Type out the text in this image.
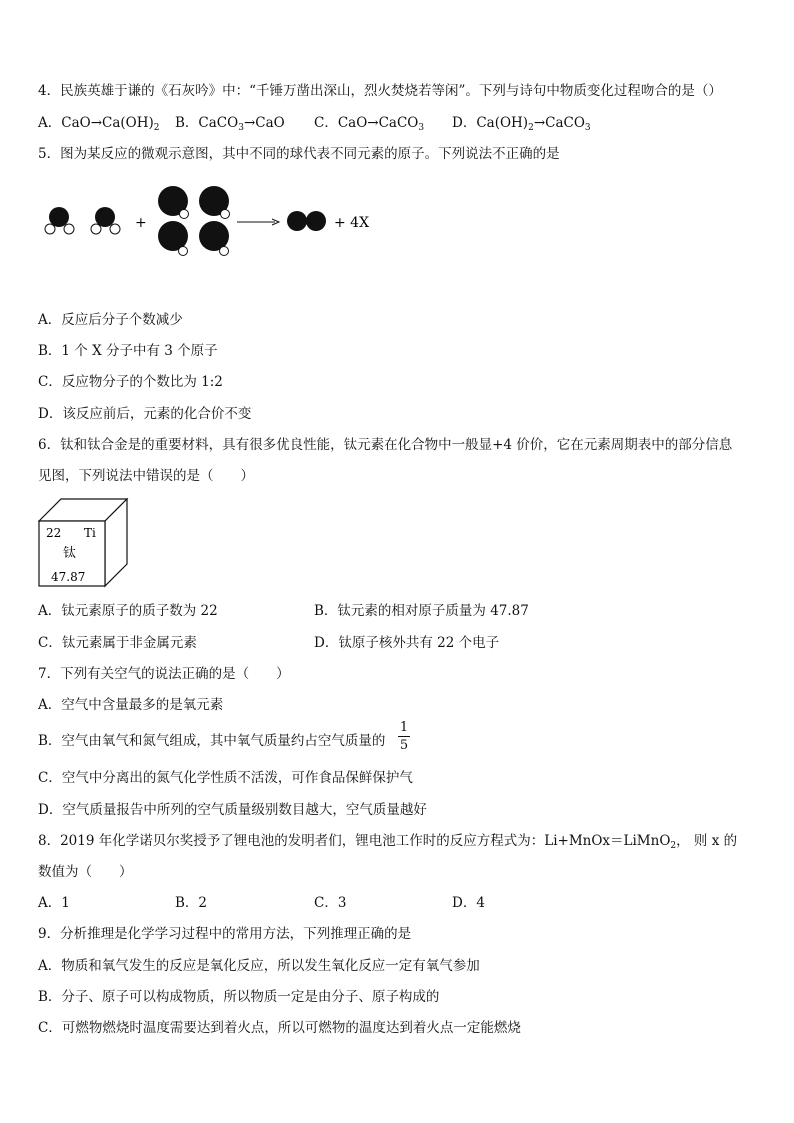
4．民族英雄于谦的《石灰吟》中：“千锤万凿出深山，烈火焚烧若等闲”。下列与诗句中物质变化过程吻合的是（）
A．$CaO\to Ca(OH)_2$ B．CaCO$_3$→CaO C．CaO→CaCO$_3$ D．$Ca(OH)_2\to CaCO_3$
5．图为某反应的微观示意图，其中不同的球代表不同元素的原子。下列说法不正确的是
+	+ 4X
A．反应后分子个数减少
B．1 个 X 分子中有 3 个原子
C．反应物分子的个数比为 1:2
D．该反应前后，元素的化合价不变
6．钛和钛合金是的重要材料，具有很多优良性能，钛元素在化合物中一般显+4 价价，它在元素周期表中的部分信息
见图，下列说法中错误的是（　　）
22 Ti
钛
47.87
A．钛元素原子的质子数为 22	B．钛元素的相对原子质量为 47.87
C．钛元素属于非金属元素	D．钛原子核外共有 22 个电子
7．下列有关空气的说法正确的是（　　）
A．空气中含量最多的是氧元素
B．空气由氧气和氮气组成，其中氧气质量约占空气质量的
1
5
C．空气中分离出的氮气化学性质不活泼，可作食品保鲜保护气
D．空气质量报告中所列的空气质量级别数目越大，空气质量越好
8．2019 年化学诺贝尔奖授予了锂电池的发明者们，锂电池工作时的反应方程式为：Li+MnOx＝LiMnO$_2$， 则 x 的
数值为（　　）
A．1	B．2	C．3	D．4
9．分析推理是化学学习过程中的常用方法，下列推理正确的是
A．物质和氧气发生的反应是氧化反应，所以发生氧化反应一定有氧气参加
B．分子、原子可以构成物质，所以物质一定是由分子、原子构成的
C．可燃物燃烧时温度需要达到着火点，所以可燃物的温度达到着火点一定能燃烧
